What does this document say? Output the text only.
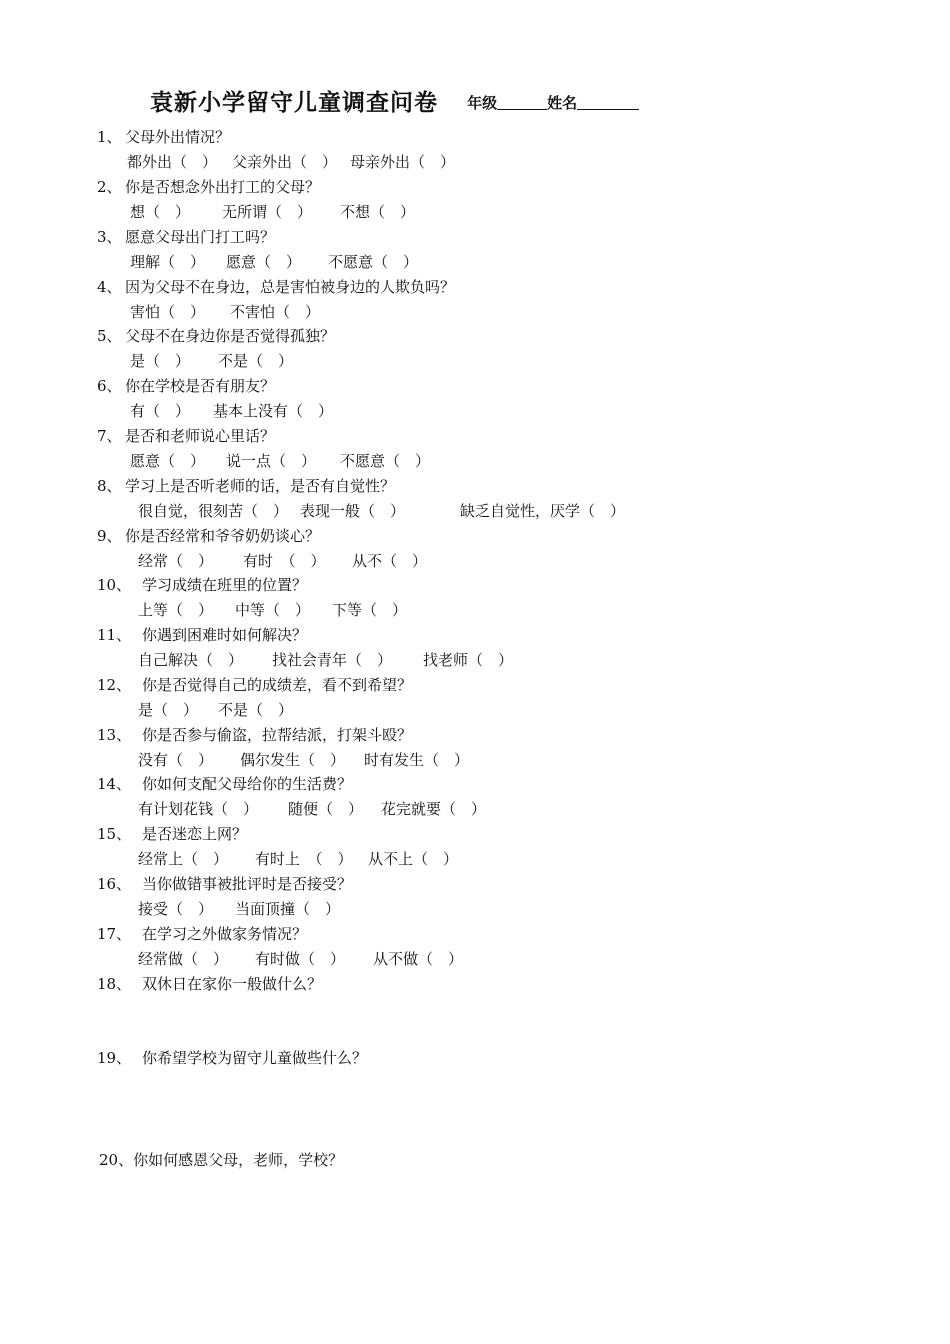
袁新小学留守儿童调查问卷 年级	姓名
1、 父母外出情况？
都外出（　） 父亲外出（　） 母亲外出（　）
2、 你是否想念外出打工的父母？
想（　） 无所谓（　） 不想（　）
3、 愿意父母出门打工吗？
理解（　） 愿意（　） 不愿意（　）
4、 因为父母不在身边，总是害怕被身边的人欺负吗？
害怕（　） 不害怕（　）
5、 父母不在身边你是否觉得孤独？
是（　） 不是（　）
6、 你在学校是否有朋友？
有（　） 基本上没有（　）
7、 是否和老师说心里话？
愿意（　） 说一点（　） 不愿意（　）
8、 学习上是否听老师的话，是否有自觉性？
很自觉，很刻苦（　） 表现一般（　）	缺乏自觉性，厌学（　）
9、 你是否经常和爷爷奶奶谈心？
经常（　） 有时　（　） 从不（　）
10、 学习成绩在班里的位置？
上等（　） 中等（　） 下等（　）
11、 你遇到困难时如何解决？
自己解决（　） 找社会青年（　） 找老师（　）
12、 你是否觉得自己的成绩差，看不到希望？
是（　） 不是（　）
13、 你是否参与偷盗，拉帮结派，打架斗殴？
没有（　） 偶尔发生（　） 时有发生（　）
14、 你如何支配父母给你的生活费？
有计划花钱（　） 随便（　） 花完就要（　）
15、 是否迷恋上网？
经常上（　） 有时上　（　） 从不上（　）
16、 当你做错事被批评时是否接受？
接受（　） 当面顶撞（　）
17、 在学习之外做家务情况？
经常做（　） 有时做（　） 从不做（　）
18、 双休日在家你一般做什么？
19、 你希望学校为留守儿童做些什么？
20、你如何感恩父母，老师，学校？
